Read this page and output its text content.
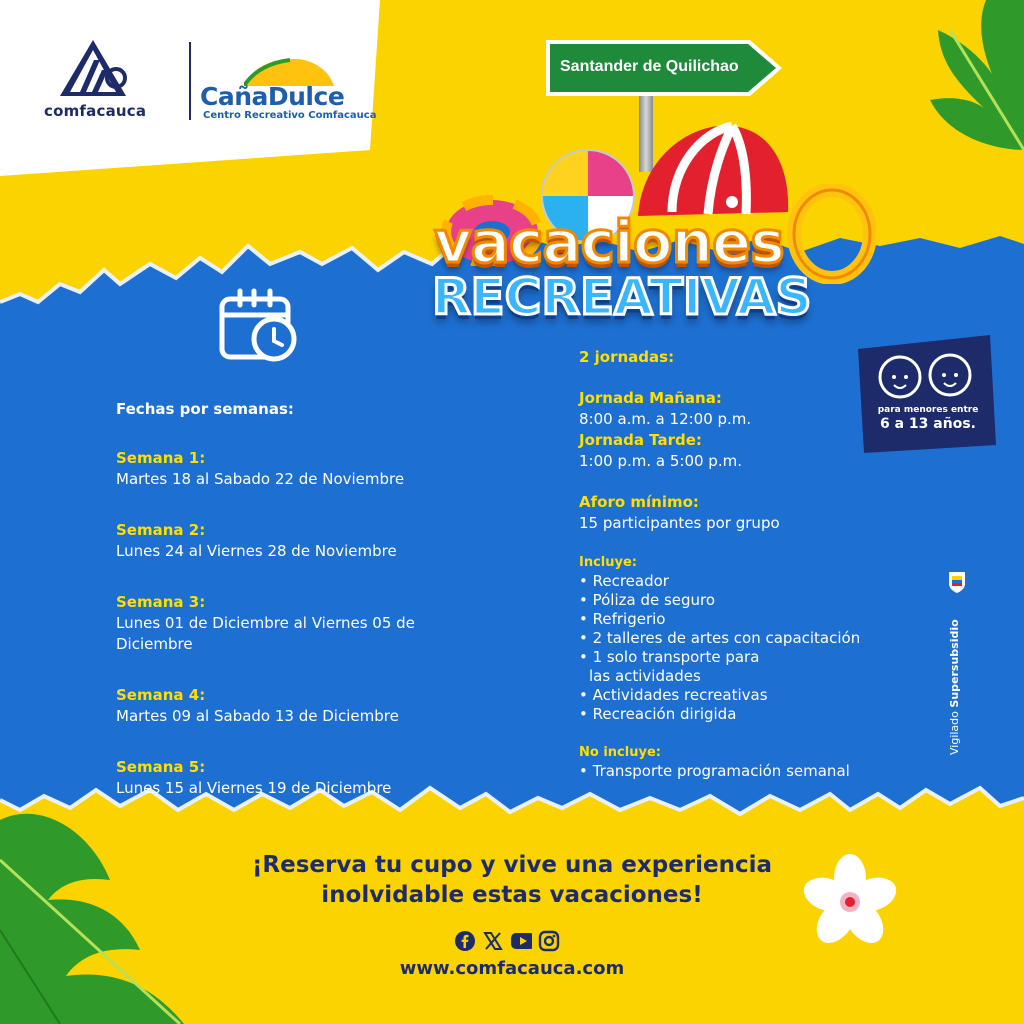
comfacauca CañaDulce
Centro Recreativo Comfacauca
Santander de Quilichao
vacaciones
RECREATIVAS
para menores entre
6 a 13 años.
Fechas por semanas:
Semana 1:
Martes 18 al Sabado 22 de Noviembre
Semana 2:
Lunes 24 al Viernes 28 de Noviembre
Semana 3:
Lunes 01 de Diciembre al Viernes 05 de Diciembre
Semana 4:
Martes 09 al Sabado 13 de Diciembre
Semana 5:
Lunes 15 al Viernes 19 de Diciembre
2 jornadas:
Jornada Mañana:
8:00 a.m. a 12:00 p.m.
Jornada Tarde:
1:00 p.m. a 5:00 p.m.
Aforo mínimo:
15 participantes por grupo
Incluye:
• Recreador
• Póliza de seguro
• Refrigerio
• 2 talleres de artes con capacitación
• 1 solo transporte para
las actividades
• Actividades recreativas
• Recreación dirigida
No incluye:
• Transporte programación semanal
Vigilado Supersubsidio
¡Reserva tu cupo y vive una experiencia
inolvidable estas vacaciones!
www.comfacauca.com
